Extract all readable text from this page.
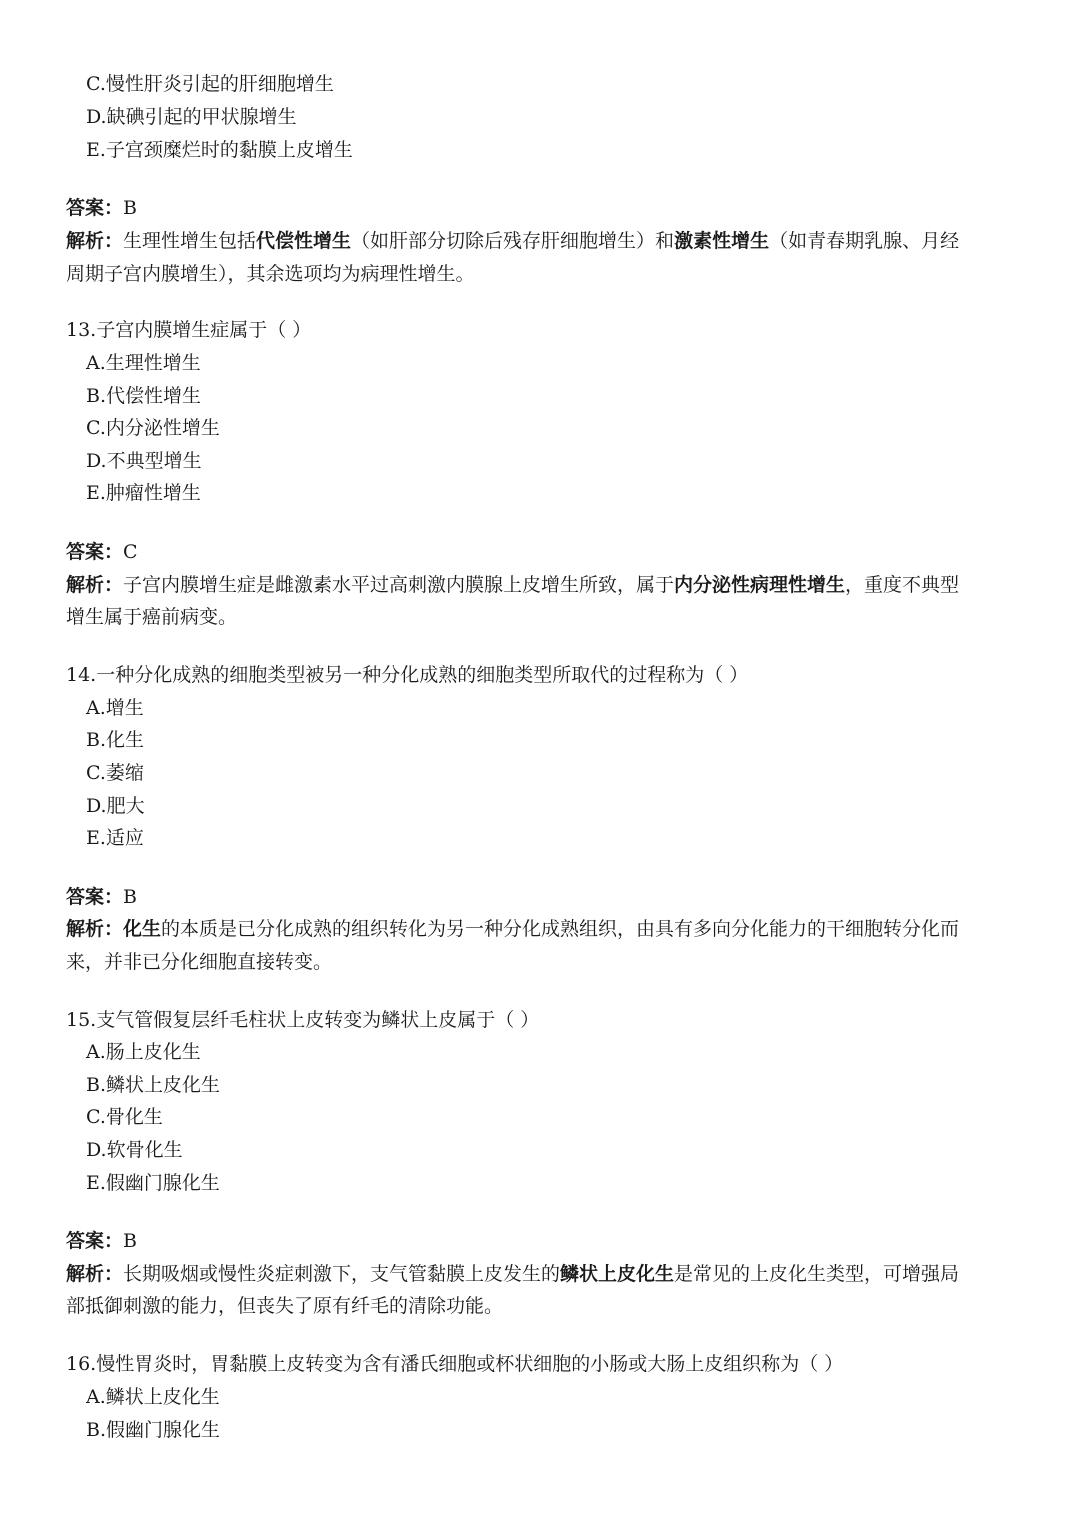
C.慢性肝炎引起的肝细胞增生
D.缺碘引起的甲状腺增生
E.子宫颈糜烂时的黏膜上皮增生
答案：B
解析：生理性增生包括代偿性增生（如肝部分切除后残存肝细胞增生）和激素性增生（如青春期乳腺、月经
周期子宫内膜增生），其余选项均为病理性增生。
13.子宫内膜增生症属于（ ）
A.生理性增生
B.代偿性增生
C.内分泌性增生
D.不典型增生
E.肿瘤性增生
答案：C
解析：子宫内膜增生症是雌激素水平过高刺激内膜腺上皮增生所致，属于内分泌性病理性增生，重度不典型
增生属于癌前病变。
14.一种分化成熟的细胞类型被另一种分化成熟的细胞类型所取代的过程称为（ ）
A.增生
B.化生
C.萎缩
D.肥大
E.适应
答案：B
解析：化生的本质是已分化成熟的组织转化为另一种分化成熟组织，由具有多向分化能力的干细胞转分化而
来，并非已分化细胞直接转变。
15.支气管假复层纤毛柱状上皮转变为鳞状上皮属于（ ）
A.肠上皮化生
B.鳞状上皮化生
C.骨化生
D.软骨化生
E.假幽门腺化生
答案：B
解析：长期吸烟或慢性炎症刺激下，支气管黏膜上皮发生的鳞状上皮化生是常见的上皮化生类型，可增强局
部抵御刺激的能力，但丧失了原有纤毛的清除功能。
16.慢性胃炎时，胃黏膜上皮转变为含有潘氏细胞或杯状细胞的小肠或大肠上皮组织称为（ ）
A.鳞状上皮化生
B.假幽门腺化生
